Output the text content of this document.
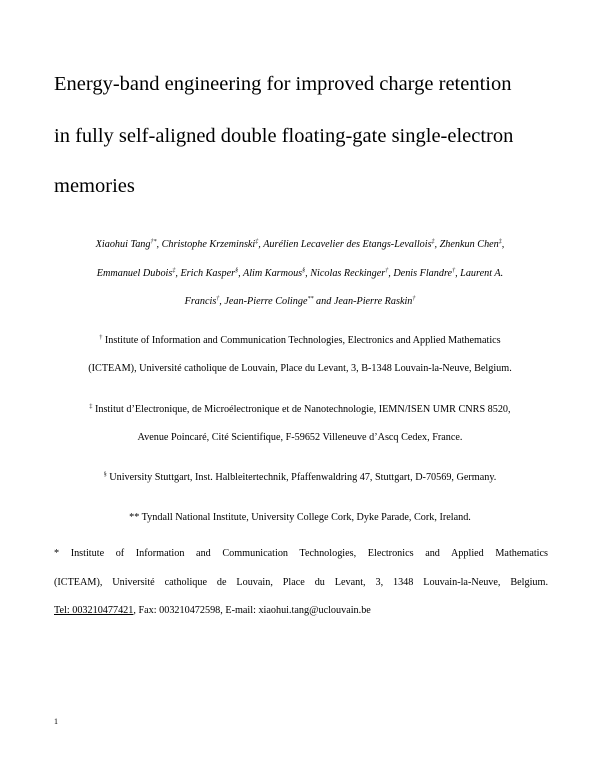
Energy-band engineering for improved charge retention
in fully self-aligned double floating-gate single-electron
memories
Xiaohui Tang†*, Christophe Krzeminski‡, Aurélien Lecavelier des Etangs-Levallois‡, Zhenkun Chen‡,
Emmanuel Dubois‡, Erich Kasper§, Alim Karmous§, Nicolas Reckinger†, Denis Flandre†, Laurent A.
Francis†, Jean-Pierre Colinge** and Jean-Pierre Raskin†
† Institute of Information and Communication Technologies, Electronics and Applied Mathematics
(ICTEAM), Université catholique de Louvain, Place du Levant, 3, B-1348 Louvain-la-Neuve, Belgium.
‡ Institut d’Electronique, de Microélectronique et de Nanotechnologie, IEMN/ISEN UMR CNRS 8520,
Avenue Poincaré, Cité Scientifique, F-59652 Villeneuve d’Ascq Cedex, France.
§ University Stuttgart, Inst. Halbleitertechnik, Pfaffenwaldring 47, Stuttgart, D-70569, Germany.
** Tyndall National Institute, University College Cork, Dyke Parade, Cork, Ireland.
* Institute of Information and Communication Technologies, Electronics and Applied Mathematics
(ICTEAM), Université catholique de Louvain, Place du Levant, 3, 1348 Louvain-la-Neuve, Belgium.
Tel: 003210477421, Fax: 003210472598, E-mail: xiaohui.tang@uclouvain.be
1
